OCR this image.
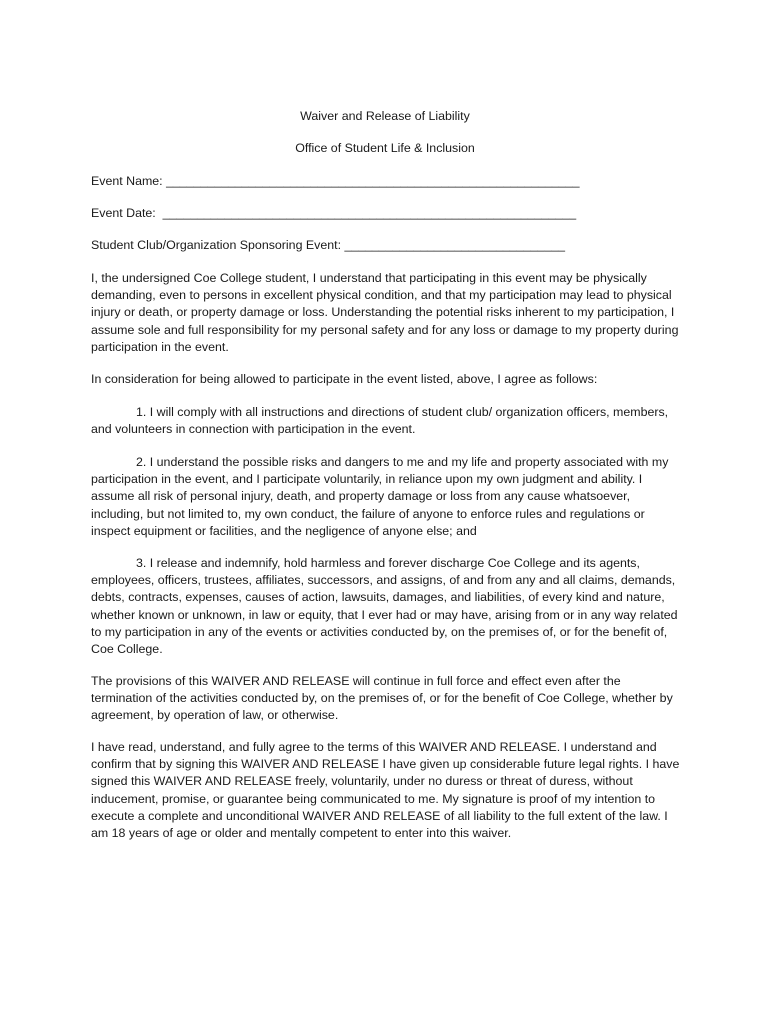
Waiver and Release of Liability
Office of Student Life & Inclusion
Event Name: ____________________________________________________________
Event Date:  ____________________________________________________________
Student Club/Organization Sponsoring Event: ________________________________

I, the undersigned Coe College student, I understand that participating in this event may be physically demanding, even to persons in excellent physical condition, and that my participation may lead to physical injury or death, or property damage or loss. Understanding the potential risks inherent to my participation, I assume sole and full responsibility for my personal safety and for any loss or damage to my property during participation in the event.

In consideration for being allowed to participate in the event listed, above, I agree as follows:

1. I will comply with all instructions and directions of student club/ organization officers, members, and volunteers in connection with participation in the event.

2. I understand the possible risks and dangers to me and my life and property associated with my participation in the event, and I participate voluntarily, in reliance upon my own judgment and ability. I assume all risk of personal injury, death, and property damage or loss from any cause whatsoever, including, but not limited to, my own conduct, the failure of anyone to enforce rules and regulations or inspect equipment or facilities, and the negligence of anyone else; and

3. I release and indemnify, hold harmless and forever discharge Coe College and its agents, employees, officers, trustees, affiliates, successors, and assigns, of and from any and all claims, demands, debts, contracts, expenses, causes of action, lawsuits, damages, and liabilities, of every kind and nature, whether known or unknown, in law or equity, that I ever had or may have, arising from or in any way related to my participation in any of the events or activities conducted by, on the premises of, or for the benefit of, Coe College.

The provisions of this WAIVER AND RELEASE will continue in full force and effect even after the termination of the activities conducted by, on the premises of, or for the benefit of Coe College, whether by agreement, by operation of law, or otherwise.

I have read, understand, and fully agree to the terms of this WAIVER AND RELEASE. I understand and confirm that by signing this WAIVER AND RELEASE I have given up considerable future legal rights. I have signed this WAIVER AND RELEASE freely, voluntarily, under no duress or threat of duress, without inducement, promise, or guarantee being communicated to me. My signature is proof of my intention to execute a complete and unconditional WAIVER AND RELEASE of all liability to the full extent of the law. I am 18 years of age or older and mentally competent to enter into this waiver.
